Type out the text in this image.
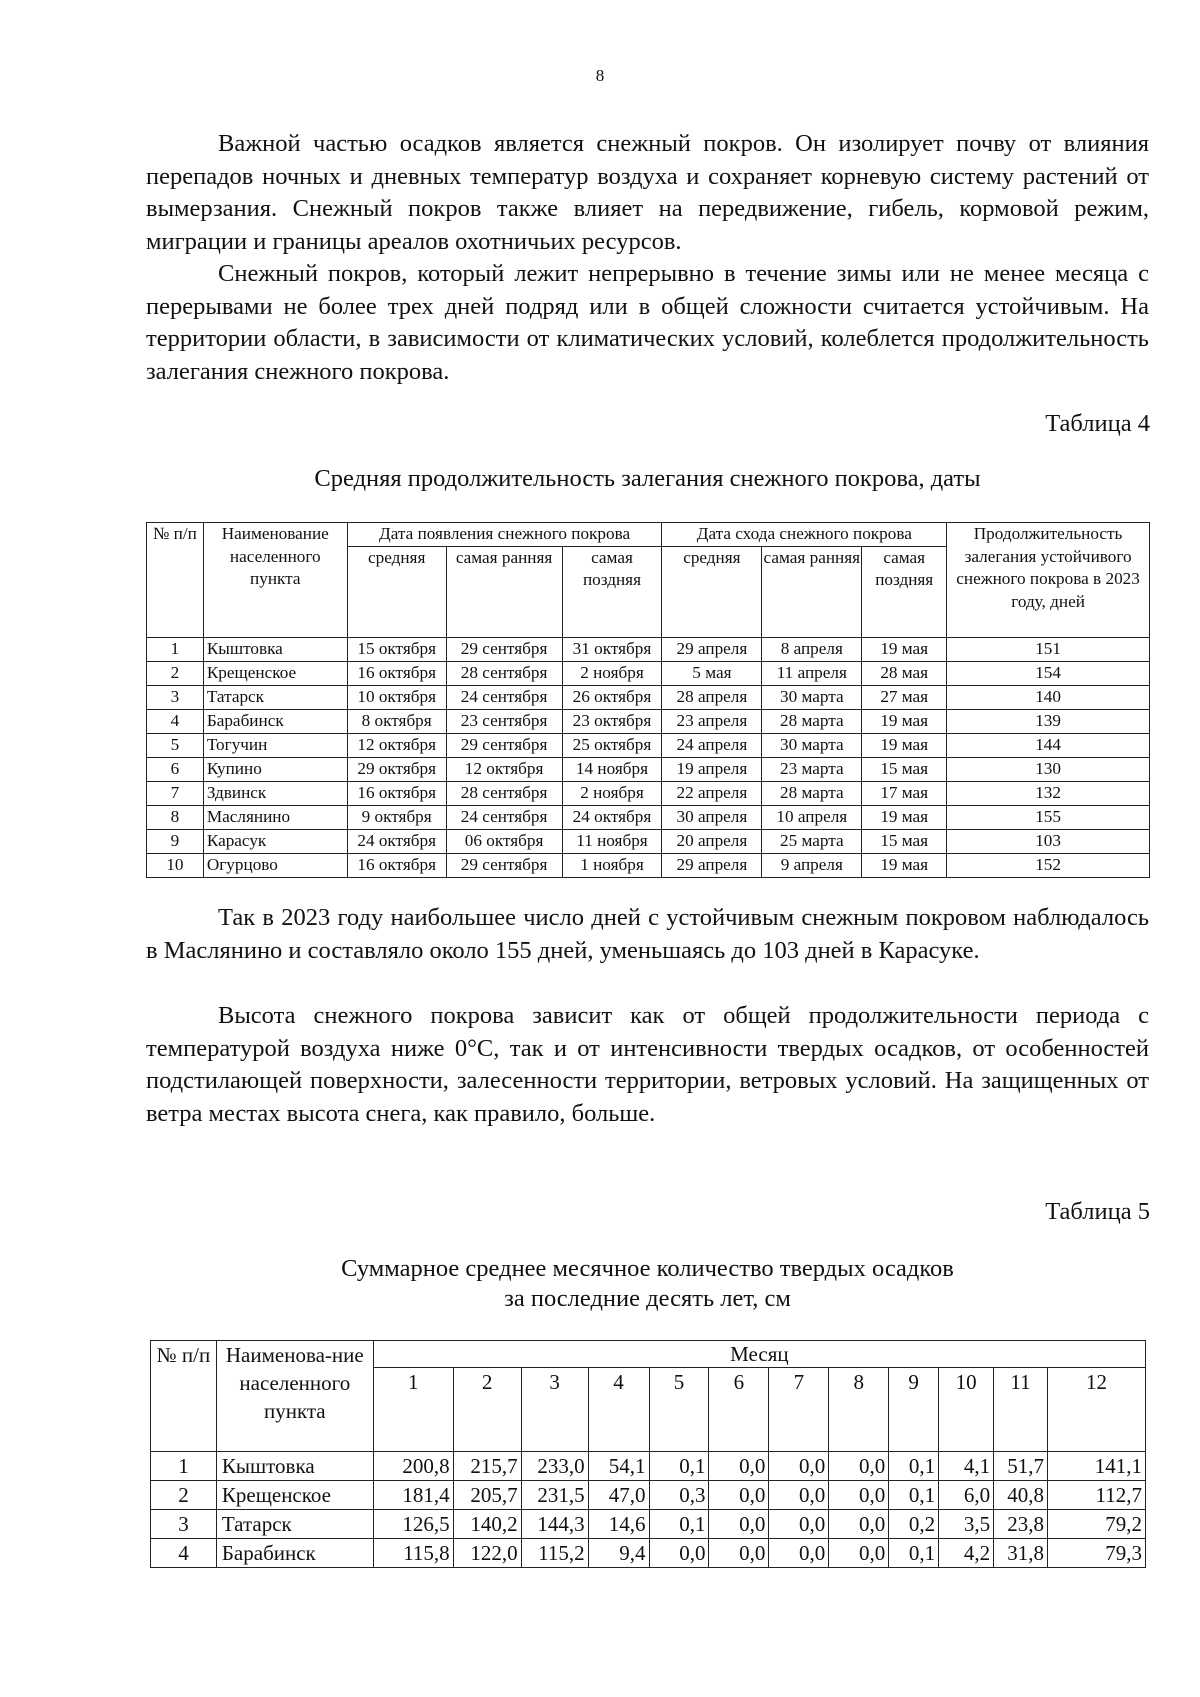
8

Важной частью осадков является снежный покров. Он изолирует почву от влияния перепадов ночных и дневных температур воздуха и сохраняет корневую систему растений от вымерзания. Снежный покров также влияет на передвижение, гибель, кормовой режим, миграции и границы ареалов охотничьих ресурсов.

Снежный покров, который лежит непрерывно в течение зимы или не менее месяца с перерывами не более трех дней подряд или в общей сложности считается устойчивым. На территории области, в зависимости от климатических условий, колеблется продолжительность залегания снежного покрова.

Таблица 4
Средняя продолжительность залегания снежного покрова, даты
№ п/п	Наименование населенного пункта	Дата появления снежного покрова			Дата схода снежного покрова			Продолжительность залегания устойчивого снежного покрова в 2023 году, дней
		средняя	самая ранняя	самая поздняя	средняя	самая ранняя	самая поздняя	
1	Кыштовка	15 октября	29 сентября	31 октября	29 апреля	8 апреля	19 мая	151
2	Крещенское	16 октября	28 сентября	2 ноября	5 мая	11 апреля	28 мая	154
3	Татарск	10 октября	24 сентября	26 октября	28 апреля	30 марта	27 мая	140
4	Барабинск	8 октября	23 сентября	23 октября	23 апреля	28 марта	19 мая	139
5	Тогучин	12 октября	29 сентября	25 октября	24 апреля	30 марта	19 мая	144
6	Купино	29 октября	12 октября	14 ноября	19 апреля	23 марта	15 мая	130
7	Здвинск	16 октября	28 сентября	2 ноября	22 апреля	28 марта	17 мая	132
8	Маслянино	9 октября	24 сентября	24 октября	30 апреля	10 апреля	19 мая	155
9	Карасук	24 октября	06 октября	11 ноября	20 апреля	25 марта	15 мая	103
10	Огурцово	16 октября	29 сентября	1 ноября	29 апреля	9 апреля	19 мая	152

Так в 2023 году наибольшее число дней с устойчивым снежным покровом наблюдалось в Маслянино и составляло около 155 дней, уменьшаясь до 103 дней в Карасуке.

Высота снежного покрова зависит как от общей продолжительности периода с температурой воздуха ниже 0°С, так и от интенсивности твердых осадков, от особенностей подстилающей поверхности, залесенности территории, ветровых условий. На защищенных от ветра местах высота снега, как правило, больше.

Таблица 5
Суммарное среднее месячное количество твердых осадков
за последние десять лет, см
№ п/п	Наименова-ние населенного пункта	Месяц											
		1	2	3	4	5	6	7	8	9	10	11	12
1	Кыштовка	200,8	215,7	233,0	54,1	0,1	0,0	0,0	0,0	0,1	4,1	51,7	141,1
2	Крещенское	181,4	205,7	231,5	47,0	0,3	0,0	0,0	0,0	0,1	6,0	40,8	112,7
3	Татарск	126,5	140,2	144,3	14,6	0,1	0,0	0,0	0,0	0,2	3,5	23,8	79,2
4	Барабинск	115,8	122,0	115,2	9,4	0,0	0,0	0,0	0,0	0,1	4,2	31,8	79,3
